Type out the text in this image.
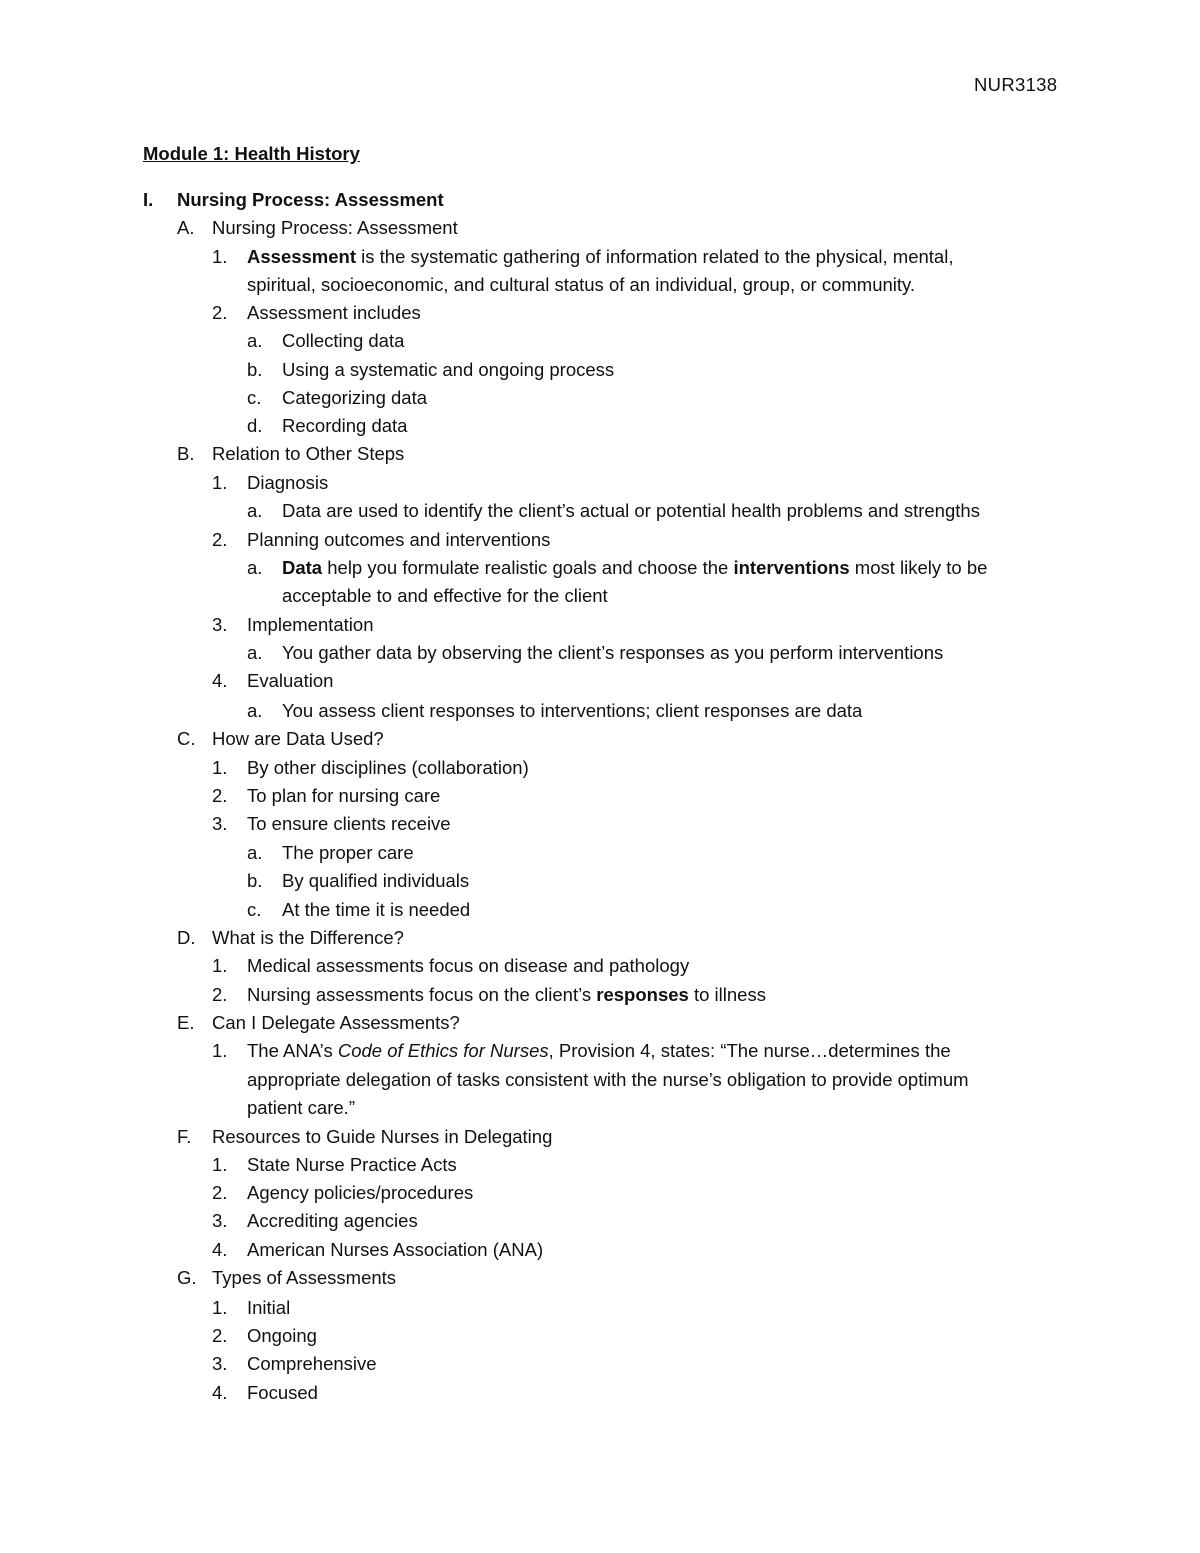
NUR3138
Module 1: Health History
I. Nursing Process: Assessment
A. Nursing Process: Assessment
1. Assessment is the systematic gathering of information related to the physical, mental,
spiritual, socioeconomic, and cultural status of an individual, group, or community.
2. Assessment includes
a. Collecting data
b. Using a systematic and ongoing process
c. Categorizing data
d. Recording data
B. Relation to Other Steps
1. Diagnosis
a. Data are used to identify the client’s actual or potential health problems and strengths
2. Planning outcomes and interventions
a. Data help you formulate realistic goals and choose the interventions most likely to be
acceptable to and effective for the client
3. Implementation
a. You gather data by observing the client’s responses as you perform interventions
4. Evaluation
a. You assess client responses to interventions; client responses are data
C. How are Data Used?
1. By other disciplines (collaboration)
2. To plan for nursing care
3. To ensure clients receive
a. The proper care
b. By qualified individuals
c. At the time it is needed
D. What is the Difference?
1. Medical assessments focus on disease and pathology
2. Nursing assessments focus on the client’s responses to illness
E. Can I Delegate Assessments?
1. The ANA’s Code of Ethics for Nurses, Provision 4, states: “The nurse…determines the
appropriate delegation of tasks consistent with the nurse’s obligation to provide optimum
patient care.”
F. Resources to Guide Nurses in Delegating
1. State Nurse Practice Acts
2. Agency policies/procedures
3. Accrediting agencies
4. American Nurses Association (ANA)
G. Types of Assessments
1. Initial
2. Ongoing
3. Comprehensive
4. Focused
